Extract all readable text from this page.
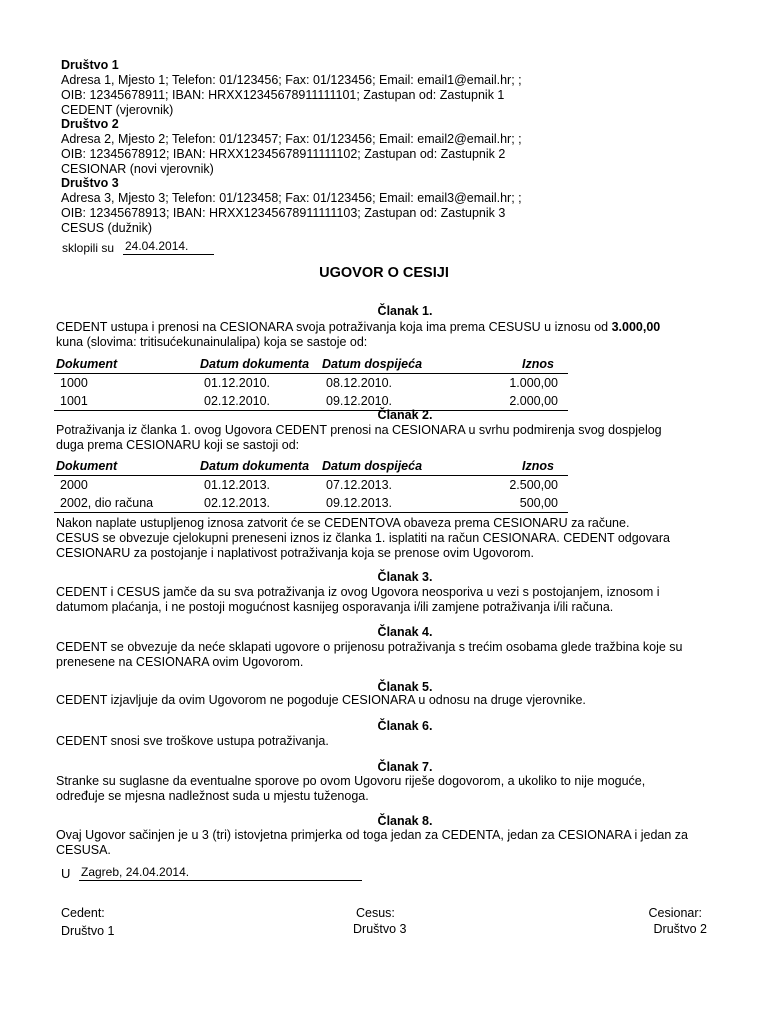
Društvo 1
Adresa 1, Mjesto 1; Telefon: 01/123456; Fax: 01/123456; Email: email1@email.hr; ;
OIB: 12345678911; IBAN: HRXX12345678911111101; Zastupan od: Zastupnik 1
CEDENT (vjerovnik)
Društvo 2
Adresa 2, Mjesto 2; Telefon: 01/123457; Fax: 01/123456; Email: email2@email.hr; ;
OIB: 12345678912; IBAN: HRXX12345678911111102; Zastupan od: Zastupnik 2
CESIONAR (novi vjerovnik)
Društvo 3
Adresa 3, Mjesto 3; Telefon: 01/123458; Fax: 01/123456; Email: email3@email.hr; ;
OIB: 12345678913; IBAN: HRXX12345678911111103; Zastupan od: Zastupnik 3
CESUS (dužnik)
sklopili su 24.04.2014.
UGOVOR O CESIJI
Članak 1.
CEDENT ustupa i prenosi na CESIONARA svoja potraživanja koja ima prema CESUSU u iznosu od 3.000,00
kuna (slovima: tritisućekunainulalipa) koja se sastoje od:
Dokument	Datum dokumenta	Datum dospijeća	Iznos
1000	01.12.2010.	08.12.2010.	1.000,00
1001	02.12.2010.	09.12.2010.	2.000,00
Članak 2.
Potraživanja iz članka 1. ovog Ugovora CEDENT prenosi na CESIONARA u svrhu podmirenja svog dospjelog
duga prema CESIONARU koji se sastoji od:
Dokument	Datum dokumenta	Datum dospijeća	Iznos
2000	01.12.2013.	07.12.2013.	2.500,00
2002, dio računa	02.12.2013.	09.12.2013.	500,00
Nakon naplate ustupljenog iznosa zatvorit će se CEDENTOVA obaveza prema CESIONARU za račune.
CESUS se obvezuje cjelokupni preneseni iznos iz članka 1. isplatiti na račun CESIONARA. CEDENT odgovara
CESIONARU za postojanje i naplativost potraživanja koja se prenose ovim Ugovorom.
Članak 3.
CEDENT i CESUS jamče da su sva potraživanja iz ovog Ugovora neosporiva u vezi s postojanjem, iznosom i
datumom plaćanja, i ne postoji mogućnost kasnijeg osporavanja i/ili zamjene potraživanja i/ili računa.
Članak 4.
CEDENT se obvezuje da neće sklapati ugovore o prijenosu potraživanja s trećim osobama glede tražbina koje su
prenesene na CESIONARA ovim Ugovorom.
Članak 5.
CEDENT izjavljuje da ovim Ugovorom ne pogoduje CESIONARA u odnosu na druge vjerovnike.
Članak 6.
CEDENT snosi sve troškove ustupa potraživanja.
Članak 7.
Stranke su suglasne da eventualne sporove po ovom Ugovoru riješe dogovorom, a ukoliko to nije moguće,
određuje se mjesna nadležnost suda u mjestu tuženoga.
Članak 8.
Ovaj Ugovor sačinjen je u 3 (tri) istovjetna primjerka od toga jedan za CEDENTA, jedan za CESIONARA i jedan za
CESUSA.
U Zagreb, 24.04.2014.
Cedent:
Društvo 1
Cesus:
Društvo 3
Cesionar:
Društvo 2
